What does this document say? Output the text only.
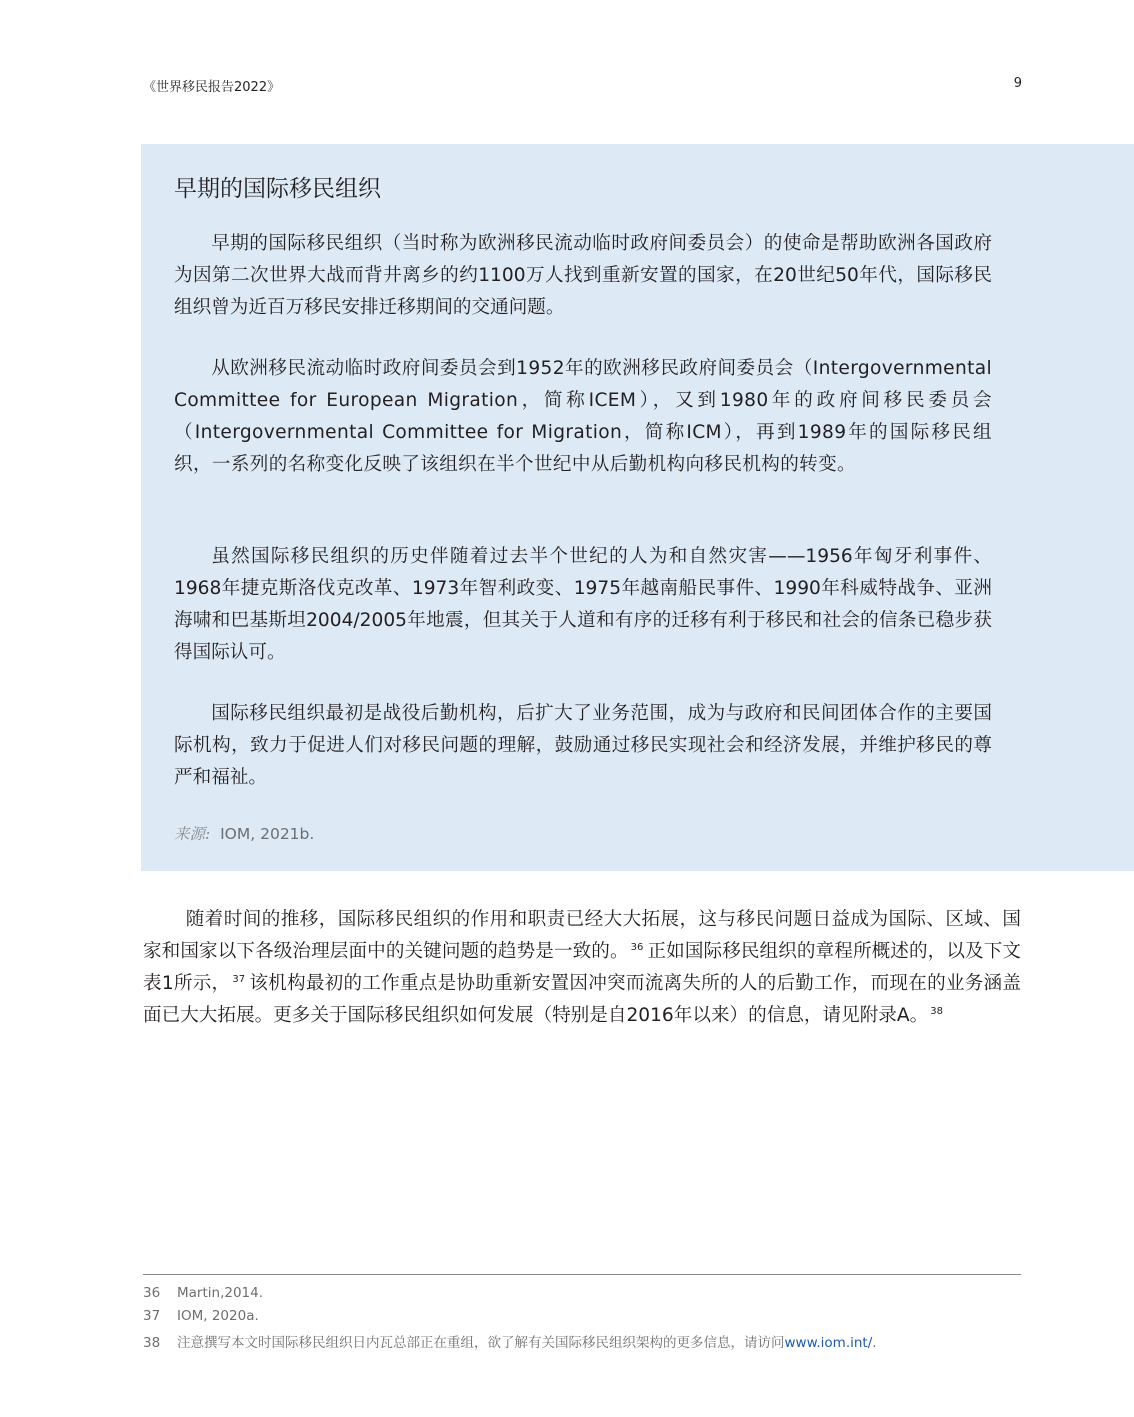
《世界移民报告2022》	9
早期的国际移民组织

早期的国际移民组织（当时称为欧洲移民流动临时政府间委员会）的使命是帮助欧洲各国政府为因第二次世界大战而背井离乡的约1100万人找到重新安置的国家，在20世纪50年代，国际移民组织曾为近百万移民安排迁移期间的交通问题。

从欧洲移民流动临时政府间委员会到1952年的欧洲移民政府间委员会（Intergovernmental Committee for European Migration，简称ICEM），又到1980年的政府间移民委员会（Intergovernmental Committee for Migration，简称ICM），再到1989年的国际移民组织，一系列的名称变化反映了该组织在半个世纪中从后勤机构向移民机构的转变。

虽然国际移民组织的历史伴随着过去半个世纪的人为和自然灾害——1956年匈牙利事件、1968年捷克斯洛伐克改革、1973年智利政变、1975年越南船民事件、1990年科威特战争、亚洲海啸和巴基斯坦2004/2005年地震，但其关于人道和有序的迁移有利于移民和社会的信条已稳步获得国际认可。

国际移民组织最初是战役后勤机构，后扩大了业务范围，成为与政府和民间团体合作的主要国际机构，致力于促进人们对移民问题的理解，鼓励通过移民实现社会和经济发展，并维护移民的尊严和福祉。

来源: IOM, 2021b.

随着时间的推移，国际移民组织的作用和职责已经大大拓展，这与移民问题日益成为国际、区域、国家和国家以下各级治理层面中的关键问题的趋势是一致的。 $^{36}$ 正如国际移民组织的章程所概述的，以及下文表1所示， $^{37}$ 该机构最初的工作重点是协助重新安置因冲突而流离失所的人的后勤工作，而现在的业务涵盖面已大大拓展。更多关于国际移民组织如何发展（特别是自2016年以来）的信息，请见附录A。 $^{38}$

36 Martin,2014.
37 IOM, 2020a.
38 注意撰写本文时国际移民组织日内瓦总部正在重组，欲了解有关国际移民组织架构的更多信息，请访问www.iom.int/.
